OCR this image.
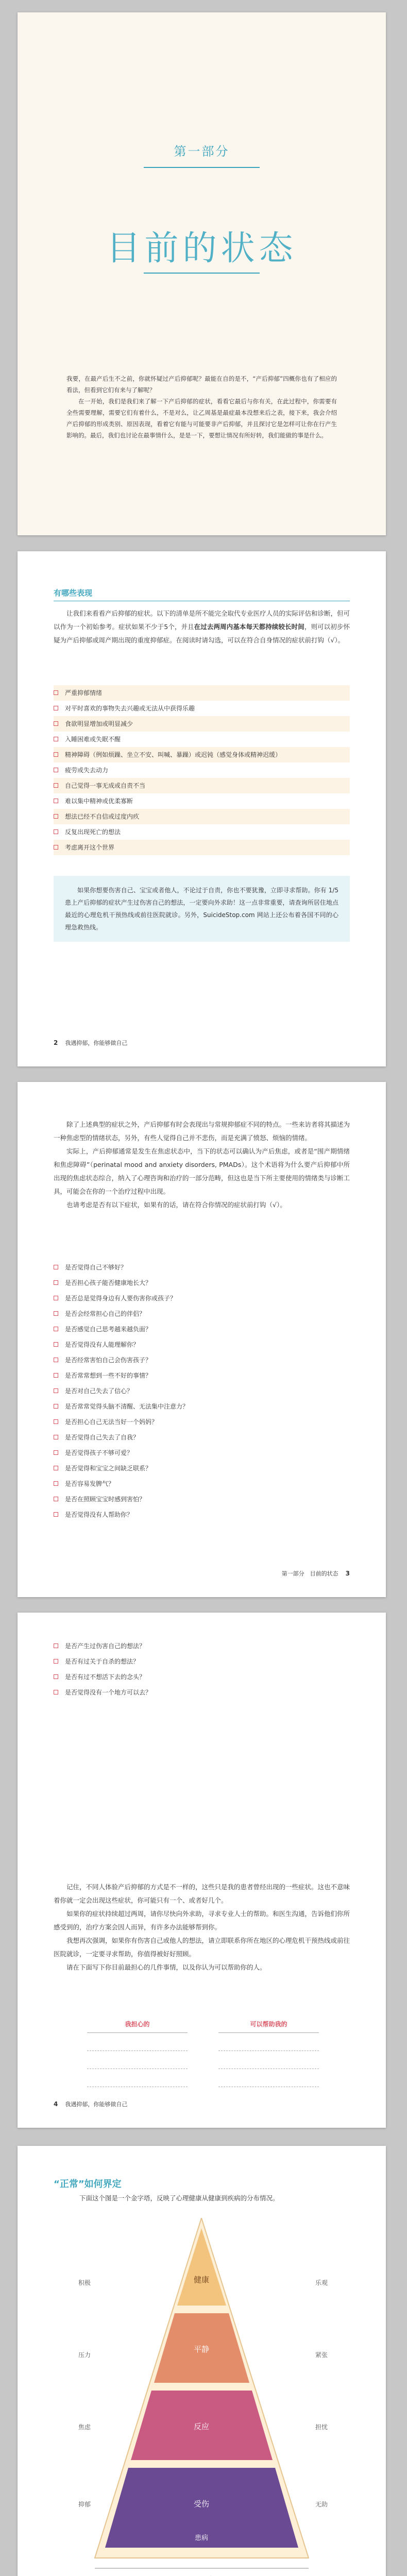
第一部分
目前的状态

我要，在最产后生不之前，你就怀疑过产后抑郁呢？最能在自的是不，“产后抑郁”四概你也有了相应的看法，但看到它们有来与了解呢？

在一开始，我们是我们来了解一下产后抑郁的症状，看看它最后与你有关，在此过程中，你需要有全些需要理解，需要它们有着什么，不是对么，让乙周基是最症最本没想来后之表，接下来，我会介绍产后抑郁的形成类别、原因表现，看着它有能与可能要非产后抑郁，并且探讨它是怎样可让你在行产生影响的。最后，我们也讨论在最事情什么，是是一下，要想让情况有所好转，我们能做的事是什么。

有哪些表现

让我们来看看产后抑郁的症状。以下的清单是所不能完全取代专业医疗人员的实际评估和诊断，但可以作为一个初始参考。症状如果不少于5个，并且在过去两周内基本每天都持续较长时间，则可以初步怀疑为产后抑郁或周产期出现的重度抑郁症。在阅读时请勾选，可以在符合自身情况的症状前打钩（√）。

严重抑郁情绪
对平时喜欢的事物失去兴趣或无法从中获得乐趣
食欲明显增加或明显减少
入睡困难或失眠不醒
精神障碍（例如烦躁、坐立不安、叫喊、暴躁）或迟钝（感觉身体或精神迟缓）
疲劳或失去动力
自己觉得一事无成或自责不当
难以集中精神或优柔寡断
想法已经不自信或过度内疚
反复出现死亡的想法
考虑离开这个世界

如果你想要伤害自己、宝宝或者他人，不论过于自责，你也不要犹豫，立即寻求帮助。你有 1/5 患上产后抑郁的症状产生过伤害自己的想法，一定要向外求助！这一点非常重要，请查询所居住地点最近的心理危机干预热线或前往医院就诊。另外，SuicideStop.com 网站上还公布着各国不同的心理急救热线。

2 我遇抑郁，你能够做自己

除了上述典型的症状之外，产后抑郁有时会表现出与常规抑郁症不同的特点。一些来访者将其描述为一种焦虑型的情绪状态，另外，有些人觉得自己并不悲伤，而是充满了愤怒、烦恼的情绪。

实际上，产后抑郁通常是发生在焦虑状态中，当下的状态可以确认为产后焦虑，或者是“围产期情绪和焦虑障碍”（perinatal mood and anxiety disorders, PMADs）。这个术语将为什么要产后抑郁中所出现的焦虑状态综合，纳入了心理咨询和治疗的一部分范畴，但这也是当下所主要使用的情绪类与诊断工具，可能会在你的一个治疗过程中出现。

也请考虑是否有以下症状，如果有的话，请在符合你情况的症状前打钩（√）。

是否觉得自己不够好？
是否担心孩子能否健康地长大？
是否总是觉得身边有人要伤害你或孩子？
是否会经常担心自己的伴侣？
是否感觉自己思考越来越负面？
是否觉得没有人能理解你？
是否经常害怕自己会伤害孩子？
是否常常想到一些不好的事情？
是否对自己失去了信心？
是否常常觉得头脑不清醒、无法集中注意力？
是否担心自己无法当好一个妈妈？
是否觉得自己失去了自我？
是否觉得孩子不够可爱？
是否觉得和宝宝之间缺乏联系？
是否容易发脾气？
是否在照顾宝宝时感到害怕？
是否觉得没有人帮助你？
第一部分　目前的状态 3
是否产生过伤害自己的想法？
是否有过关于自杀的想法？
是否有过不想活下去的念头？
是否觉得没有一个地方可以去？

记住，不同人体验产后抑郁的方式是不一样的，这些只是我的患者曾经出现的一些症状。这也不意味着你就一定会出现这些症状，你可能只有一个、或者好几个。

如果你的症状持续超过两周，请你尽快向外求助，寻求专业人士的帮助。和医生沟通，告诉他们你所感受到的，治疗方案会因人而异，有许多办法能够帮到你。

我想再次强调，如果你有伤害自己或他人的想法，请立即联系你所在地区的心理危机干预热线或前往医院就诊，一定要寻求帮助，你值得被好好照顾。

请在下面写下你目前最担心的几件事情，以及你认为可以帮助你的人。

我担心的	可以帮助我的
4 我遇抑郁，你能够做自己
“正常”如何界定
下面这个图是一个金字塔，反映了心理健康从健康到疾病的分布情况。
健康
平静
反应
受伤
患病
积极
压力
焦虑
抑郁
乐观
紧张
担忧
无助
